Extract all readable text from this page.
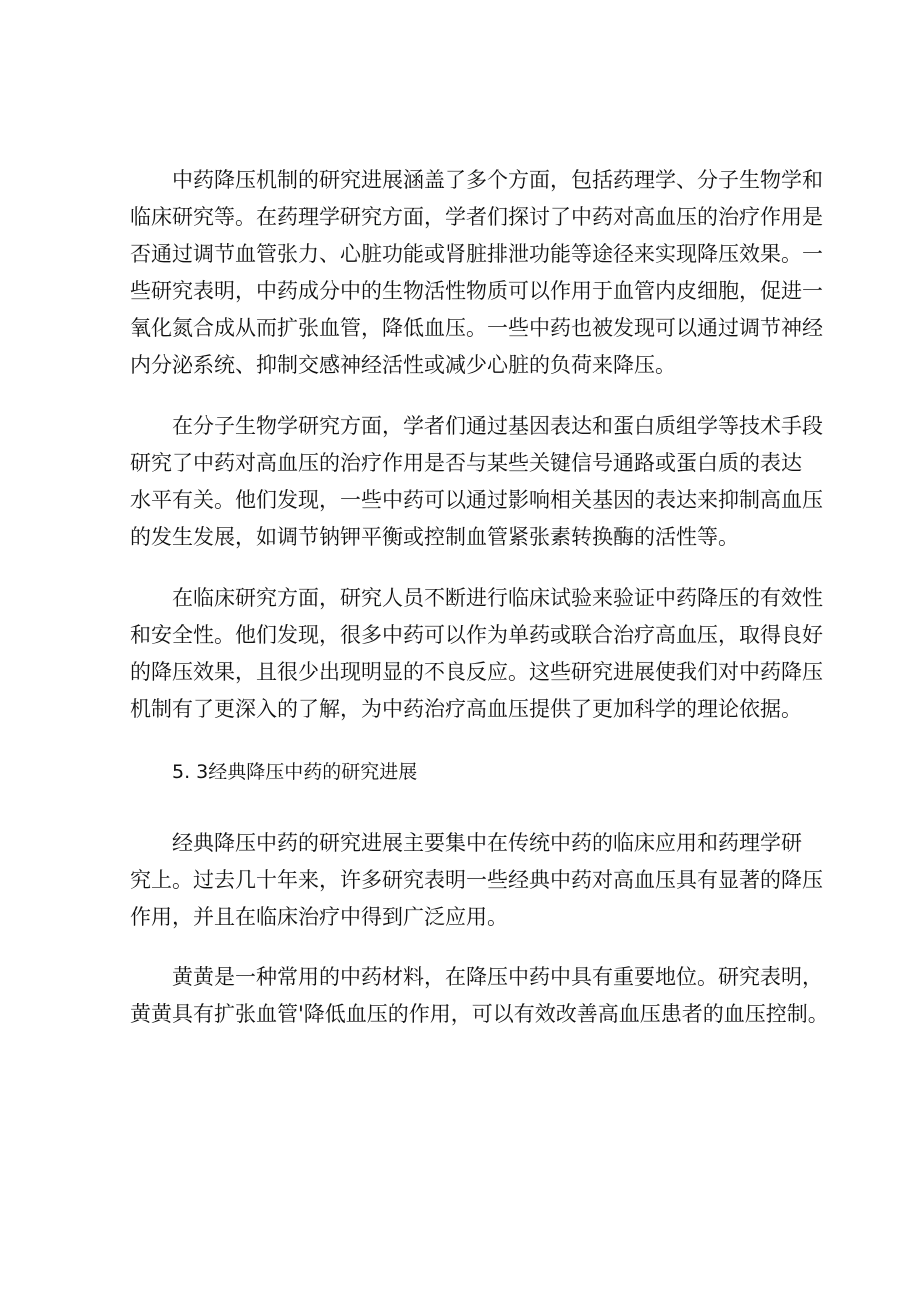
中药降压机制的研究进展涵盖了多个方面，包括药理学、分子生物学和
临床研究等。在药理学研究方面，学者们探讨了中药对高血压的治疗作用是
否通过调节血管张力、心脏功能或肾脏排泄功能等途径来实现降压效果。一
些研究表明，中药成分中的生物活性物质可以作用于血管内皮细胞，促进一
氧化氮合成从而扩张血管，降低血压。一些中药也被发现可以通过调节神经
内分泌系统、抑制交感神经活性或减少心脏的负荷来降压。
在分子生物学研究方面，学者们通过基因表达和蛋白质组学等技术手段
研究了中药对高血压的治疗作用是否与某些关键信号通路或蛋白质的表达
水平有关。他们发现，一些中药可以通过影响相关基因的表达来抑制高血压
的发生发展，如调节钠钾平衡或控制血管紧张素转换酶的活性等。
在临床研究方面，研究人员不断进行临床试验来验证中药降压的有效性
和安全性。他们发现，很多中药可以作为单药或联合治疗高血压，取得良好
的降压效果，且很少出现明显的不良反应。这些研究进展使我们对中药降压
机制有了更深入的了解，为中药治疗高血压提供了更加科学的理论依据。
5. 3经典降压中药的研究进展
经典降压中药的研究进展主要集中在传统中药的临床应用和药理学研
究上。过去几十年来，许多研究表明一些经典中药对高血压具有显著的降压
作用，并且在临床治疗中得到广泛应用。
黄黄是一种常用的中药材料，在降压中药中具有重要地位。研究表明，
黄黄具有扩张血管'降低血压的作用，可以有效改善高血压患者的血压控制。
